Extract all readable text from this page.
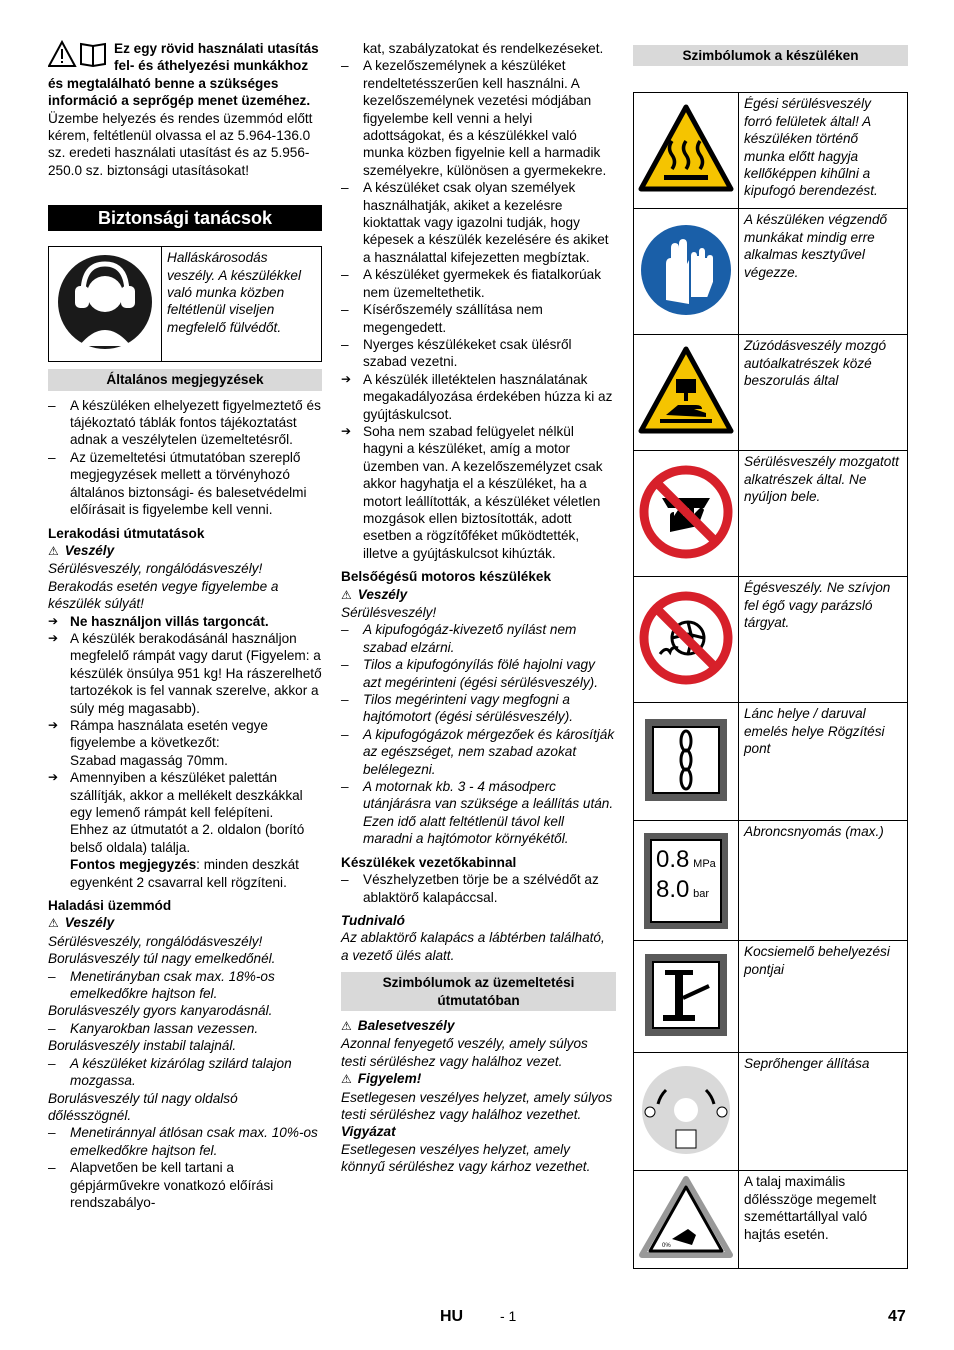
Ez egy rövid használati utasítás fel- és áthelyezési munkákhoz és megtalálható benne a szükséges információ a seprőgép menet üzeméhez.

Üzembe helyezés és rendes üzemmód előtt kérem, feltétlenül olvassa el az 5.964-136.0 sz. eredeti használati utasítást és az 5.956-250.0 sz. biztonsági utasításokat!

Biztonsági tanácsok
	Halláskárosodás veszély. A készülékkel való munka közben feltétlenül viseljen megfelelő fülvédőt.
Általános megjegyzések

– A készüléken elhelyezett figyelmeztető és tájékoztató táblák fontos tájékoztatást adnak a veszélytelen üzemeltetésről.

– Az üzemeltetési útmutatóban szereplő megjegyzések mellett a törvényhozó általános biztonsági- és balesetvédelmi előírásait is figyelembe kell venni.

Lerakodási útmutatások

⚠ Veszély

Sérülésveszély, rongálódásveszély! Berakodás esetén vegye figyelembe a készülék súlyát!

➔ Ne használjon villás targoncát.

➔ A készülék berakodásánál használjon megfelelő rámpát vagy darut (Figyelem: a készülék önsúlya 951 kg! Ha rászerelhető tartozékok is fel vannak szerelve, akkor a súly még magasabb).

➔ Rámpa használata esetén vegye figyelembe a következőt:

Szabad magasság 70mm.

➔ Amennyiben a készüléket palettán szállítják, akkor a mellékelt deszkákkal egy lemenő rámpát kell felépíteni.

Ehhez az útmutatót a 2. oldalon (borító belső oldala) találja.

Fontos megjegyzés: minden deszkát egyenként 2 csavarral kell rögzíteni.

Haladási üzemmód

⚠ Veszély

Sérülésveszély, rongálódásveszély!

Borulásveszély túl nagy emelkedőnél.

– Menetirányban csak max. 18%-os emelkedőkre hajtson fel.

Borulásveszély gyors kanyarodásnál.

– Kanyarokban lassan vezessen.

Borulásveszély instabil talajnál.

– A készüléket kizárólag szilárd talajon mozgassa.

Borulásveszély túl nagy oldalsó dőlésszögnél.

– Menetiránnyal átlósan csak max. 10%-os emelkedőkre hajtson fel.

– Alapvetően be kell tartani a gépjárművekre vonatkozó előírási rendszabályo-

kat, szabályzatokat és rendelkezéseket.

– A kezelőszemélynek a készüléket rendeltetésszerűen kell használni. A kezelőszemélynek vezetési módjában figyelembe kell venni a helyi adottságokat, és a készülékkel való munka közben figyelnie kell a harmadik személyekre, különösen a gyermekekre.

– A készüléket csak olyan személyek használhatják, akiket a kezelésre kioktattak vagy igazolni tudják, hogy képesek a készülék kezelésére és akiket a használattal kifejezetten megbíztak.

– A készüléket gyermekek és fiatalkorúak nem üzemeltethetik.

– Kísérőszemély szállítása nem megengedett.

– Nyerges készülékeket csak ülésről szabad vezetni.

➔ A készülék illetéktelen használatának megakadályozása érdekében húzza ki az gyújtáskulcsot.

➔ Soha nem szabad felügyelet nélkül hagyni a készüléket, amíg a motor üzemben van. A kezelőszemélyzet csak akkor hagyhatja el a készüléket, ha a motort leállították, a készüléket véletlen mozgások ellen biztosították, adott esetben a rögzítőféket működtették, illetve a gyújtáskulcsot kihúzták.

Belsőégésű motoros készülékek

⚠ Veszély

Sérülésveszély!

– A kipufogógáz-kivezető nyílást nem szabad elzárni.

– Tilos a kipufogónyílás fölé hajolni vagy azt megérinteni (égési sérülésveszély).

– Tilos megérinteni vagy megfogni a hajtómotort (égési sérülésveszély).

– A kipufogógázok mérgezőek és károsítják az egészséget, nem szabad azokat belélegezni.

– A motornak kb. 3 - 4 másodperc utánjárásra van szüksége a leállítás után. Ezen idő alatt feltétlenül távol kell maradni a hajtómotor környékétől.

Készülékek vezetőkabinnal

– Vészhelyzetben törje be a szélvédőt az ablaktörő kalapáccsal.

Tudnivaló

Az ablaktörő kalapács a lábtérben található, a vezető ülés alatt.

Szimbólumok az üzemeltetési útmutatóban

⚠ Balesetveszély

Azonnal fenyegető veszély, amely súlyos testi sérüléshez vagy halálhoz vezet.

⚠ Figyelem!

Esetlegesen veszélyes helyzet, amely súlyos testi sérüléshez vagy halálhoz vezethet.

Vigyázat

Esetlegesen veszélyes helyzet, amely könnyű sérüléshez vagy kárhoz vezethet.

Szimbólumok a készüléken
	Égési sérülésveszély forró felületek által! A készüléken történő munka előtt hagyja kellőképpen kihűlni a kipufogó berendezést.
	A készüléken végzendő munkákat mindig erre alkalmas kesztyűvel végezze.
	Zúzódásveszély mozgó autóalkatrészek közé beszorulás által
	Sérülésveszély mozgatott alkatrészek által. Ne nyúljon bele.
	Égésveszély. Ne szívjon fel égő vagy parázsló tárgyat.
	Lánc helye / daruval emelés helye Rögzítési pont

0.8 MPa
8.0 bar	Abroncsnyomás (max.)
	Kocsiemelő behelyezési pontjai
	Seprőhenger állítása

0%	A talaj maximális dőlésszöge megemelt szeméttartállyal való hajtás esetén.
HU	- 1	47
